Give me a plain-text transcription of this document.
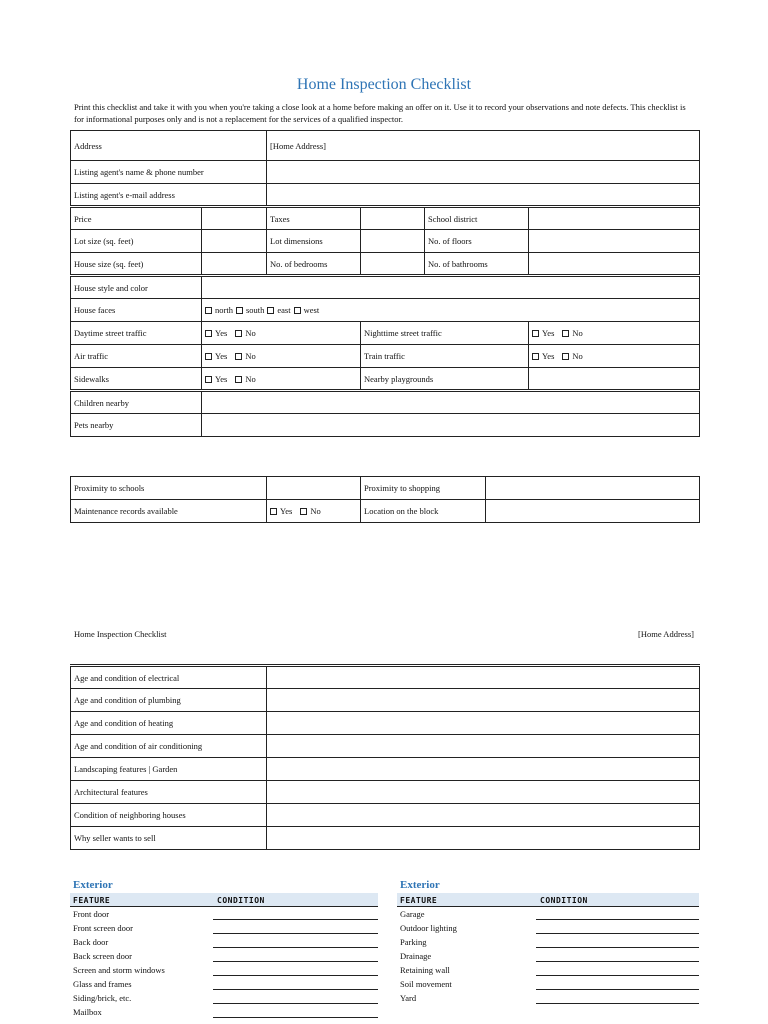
Home Inspection Checklist
Print this checklist and take it with you when you're taking a close look at a home before making an offer on it. Use it to record your observations and note defects. This checklist is for informational purposes only and is not a replacement for the services of a qualified inspector.
Address		[Home Address]			
Listing agent's name & phone number					
Listing agent's e-mail address					
Price		Taxes		School district	
Lot size (sq. feet)		Lot dimensions		No. of floors	
House size (sq. feet)		No. of bedrooms		No. of bathrooms	
House style and color					
House faces	north south east west				
Daytime street traffic	Yes No		Nighttime street traffic		Yes No
Air traffic	Yes No		Train traffic		Yes No
Sidewalks	Yes No		Nearby playgrounds		
Children nearby					
Pets nearby					
Proximity to schools		Proximity to shopping	
Maintenance records available	Yes No	Location on the block	
Home Inspection Checklist	[Home Address]
Age and condition of electrical	
Age and condition of plumbing	
Age and condition of heating	
Age and condition of air conditioning	
Landscaping features | Garden	
Architectural features	
Condition of neighboring houses	
Why seller wants to sell	
Exterior
FEATURE	CONDITION
Front door
Front screen door
Back door
Back screen door
Screen and storm windows
Glass and frames
Siding/brick, etc.
Mailbox
Exterior
FEATURE	CONDITION
Garage
Outdoor lighting
Parking
Drainage
Retaining wall
Soil movement
Yard
